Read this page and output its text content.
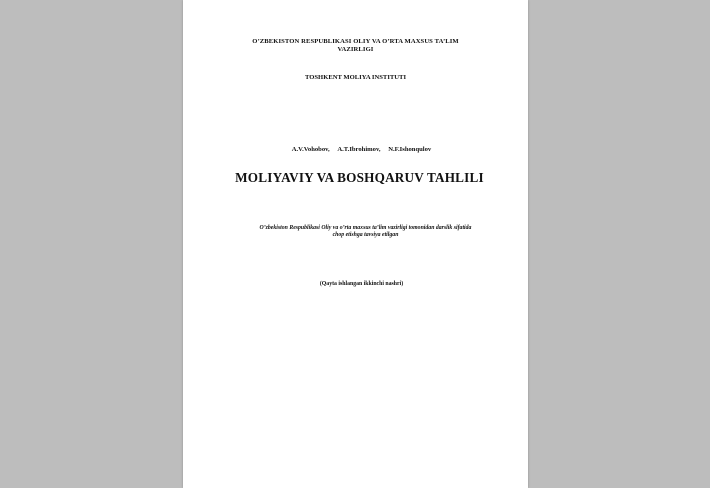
O’ZBEKISTON RESPUBLIKASI OLIY VA O’RTA MAXSUS TA’LIM
VAZIRLIGI
TOSHKENT MOLIYA INSTITUTI
A.V.Vohobov, A.T.Ibrohimov, N.F.Ishonqulov
MOLIYAVIY VA BOSHQARUV TAHLILI
O’zbekiston Respublikasi Oliy va o’rta maxsus ta’lim vazirligi tomonidan darslik sifatida
chop etishga tavsiya etilgan
(Qayta ishlangan ikkinchi nashri)
